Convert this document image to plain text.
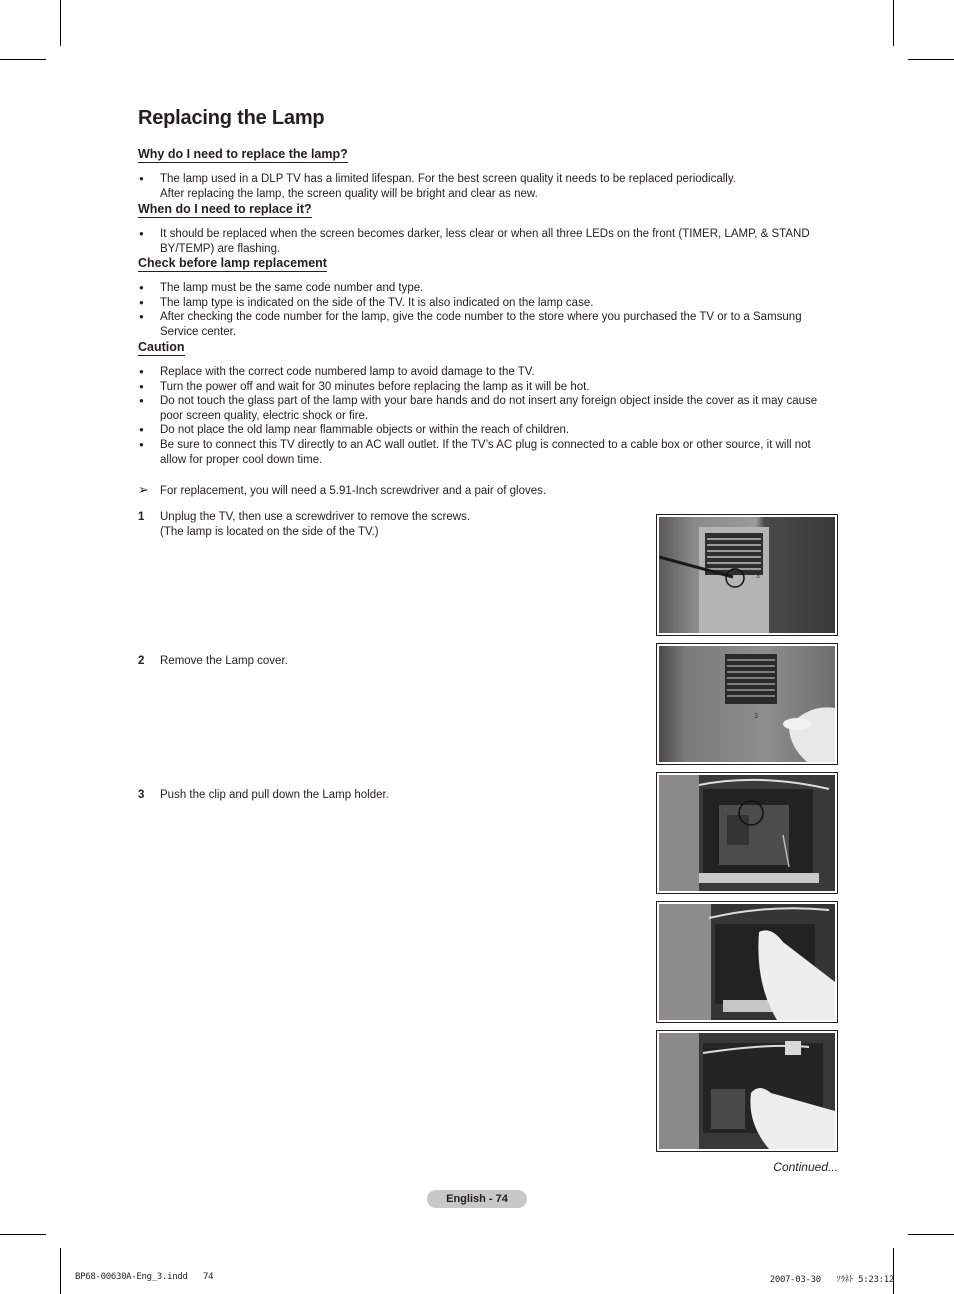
Replacing the Lamp
Why do I need to replace the lamp?
● The lamp used in a DLP TV has a limited lifespan. For the best screen quality it needs to be replaced periodically.
After replacing the lamp, the screen quality will be bright and clear as new.
When do I need to replace it?
● It should be replaced when the screen becomes darker, less clear or when all three LEDs on the front (TIMER, LAMP, & STAND
BY/TEMP) are flashing.
Check before lamp replacement
● The lamp must be the same code number and type.
● The lamp type is indicated on the side of the TV. It is also indicated on the lamp case.
● After checking the code number for the lamp, give the code number to the store where you purchased the TV or to a Samsung
Service center.
Caution
● Replace with the correct code numbered lamp to avoid damage to the TV.
● Turn the power off and wait for 30 minutes before replacing the lamp as it will be hot.
● Do not touch the glass part of the lamp with your bare hands and do not insert any foreign object inside the cover as it may cause
poor screen quality, electric shock or fire.
● Do not place the old lamp near flammable objects or within the reach of children.
● Be sure to connect this TV directly to an AC wall outlet. If the TV’s AC plug is connected to a cable box or other source, it will not
allow for proper cool down time.
➢ For replacement, you will need a 5.91-Inch screwdriver and a pair of gloves.
1 Unplug the TV, then use a screwdriver to remove the screws.
(The lamp is located on the side of the TV.)
2 Remove the Lamp cover.
3 Push the clip and pull down the Lamp holder.
3
3
Continued...
English - 74
BP68-00630A-Eng_3.indd   74	2007-03-30   ｿﾗﾈﾄ 5:23:12
